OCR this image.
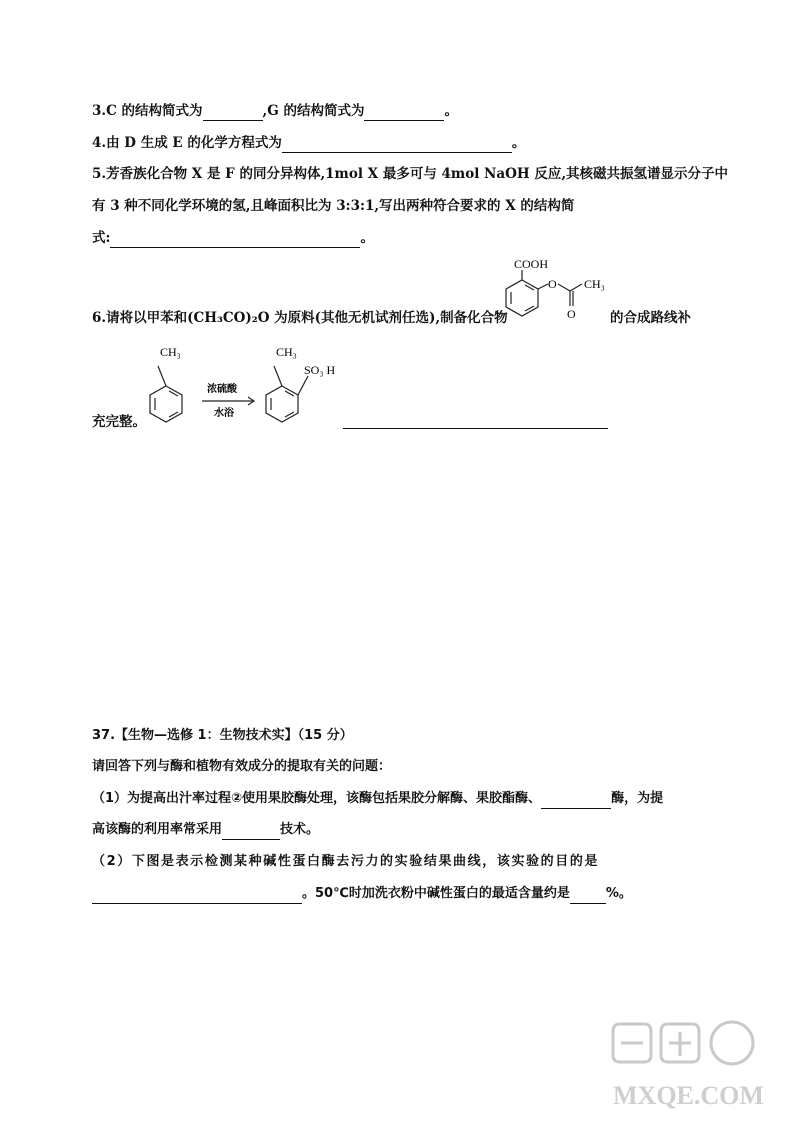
3.C 的结构简式为	,G 的结构简式为	。
4.由 D 生成 E 的化学方程式为	。
5.芳香族化合物 X 是 F 的同分异构体,1mol X 最多可与 4mol NaOH 反应,其核磁共振氢谱显示分子中
有 3 种不同化学环境的氢,且峰面积比为 3:3:1,写出两种符合要求的 X 的结构简
式:	。
6.请将以甲苯和(CH₃CO)₂O 为原料(其他无机试剂任选),制备化合物	的合成路线补
COOH
O CH₃
O
CH₃	CH₃
SO₃ H
浓硫酸
水浴
充完整。
37.【生物—选修 1：生物技术实】（15 分）
请回答下列与酶和植物有效成分的提取有关的问题：
（1）为提高出汁率过程②使用果胶酶处理，该酶包括果胶分解酶、果胶酯酶、	酶，为提
高该酶的利用率常采用	技术。
（2）下图是表示检测某种碱性蛋白酶去污力的实验结果曲线，该实验的目的是
。50℃时加洗衣粉中碱性蛋白的最适含量约是	%。
MXQE.COM
